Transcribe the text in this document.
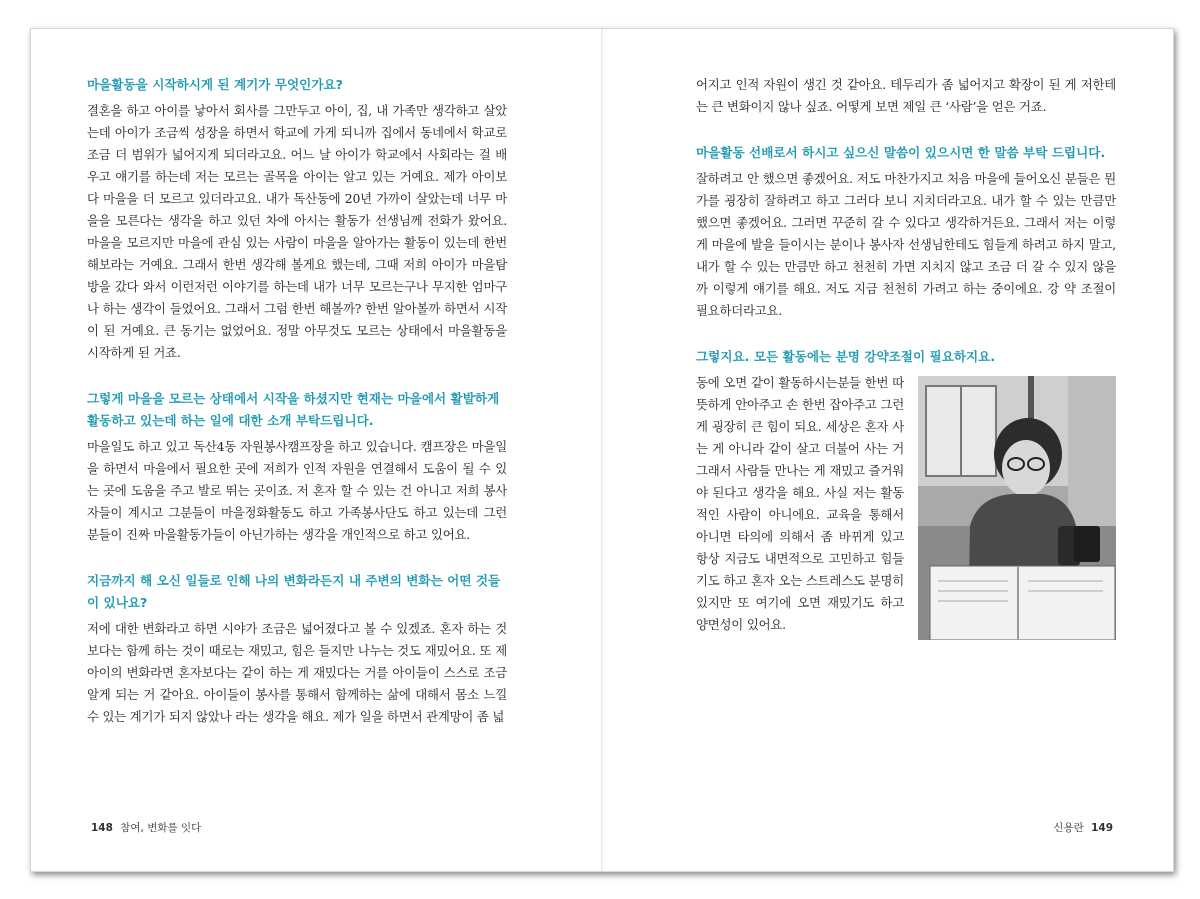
마을활동을 시작하시게 된 계기가 무엇인가요?

결혼을 하고 아이를 낳아서 회사를 그만두고 아이, 집, 내 가족만 생각하고 살았는데 아이가 조금씩 성장을 하면서 학교에 가게 되니까 집에서 동네에서 학교로 조금 더 범위가 넓어지게 되더라고요. 어느 날 아이가 학교에서 사회라는 걸 배우고 얘기를 하는데 저는 모르는 골목을 아이는 알고 있는 거예요. 제가 아이보다 마을을 더 모르고 있더라고요. 내가 독산동에 20년 가까이 살았는데 너무 마을을 모른다는 생각을 하고 있던 차에 아시는 활동가 선생님께 전화가 왔어요. 마을을 모르지만 마을에 관심 있는 사람이 마을을 알아가는 활동이 있는데 한번 해보라는 거예요. 그래서 한번 생각해 볼게요 했는데, 그때 저희 아이가 마을탐방을 갔다 와서 이런저런 이야기를 하는데 내가 너무 모르는구나 무지한 엄마구나 하는 생각이 들었어요. 그래서 그럼 한번 해볼까? 한번 알아볼까 하면서 시작이 된 거예요. 큰 동기는 없었어요. 정말 아무것도 모르는 상태에서 마을활동을 시작하게 된 거죠.

그렇게 마을을 모르는 상태에서 시작을 하셨지만 현재는 마을에서 활발하게 활동하고 있는데 하는 일에 대한 소개 부탁드립니다.

마을일도 하고 있고 독산4동 자원봉사캠프장을 하고 있습니다. 캠프장은 마을일을 하면서 마을에서 필요한 곳에 저희가 인적 자원을 연결해서 도움이 될 수 있는 곳에 도움을 주고 발로 뛰는 곳이죠. 저 혼자 할 수 있는 건 아니고 저희 봉사자들이 계시고 그분들이 마을정화활동도 하고 가족봉사단도 하고 있는데 그런 분들이 진짜 마을활동가들이 아닌가하는 생각을 개인적으로 하고 있어요.

지금까지 해 오신 일들로 인해 나의 변화라든지 내 주변의 변화는 어떤 것들이 있나요?

저에 대한 변화라고 하면 시야가 조금은 넓어졌다고 볼 수 있겠죠. 혼자 하는 것보다는 함께 하는 것이 때로는 재밌고, 힘은 들지만 나누는 것도 재밌어요. 또 제 아이의 변화라면 혼자보다는 같이 하는 게 재밌다는 거를 아이들이 스스로 조금 알게 되는 거 같아요. 아이들이 봉사를 통해서 함께하는 삶에 대해서 몸소 느낄 수 있는 계기가 되지 않았나 라는 생각을 해요. 제가 일을 하면서 관계망이 좀 넓

어지고 인적 자원이 생긴 것 같아요. 테두리가 좀 넓어지고 확장이 된 게 저한테는 큰 변화이지 않나 싶죠. 어떻게 보면 제일 큰 ‘사람’을 얻은 거죠.

마을활동 선배로서 하시고 싶으신 말씀이 있으시면 한 말씀 부탁 드립니다.

잘하려고 안 했으면 좋겠어요. 저도 마찬가지고 처음 마을에 들어오신 분들은 뭔가를 굉장히 잘하려고 하고 그러다 보니 지치더라고요. 내가 할 수 있는 만큼만 했으면 좋겠어요. 그러면 꾸준히 갈 수 있다고 생각하거든요. 그래서 저는 이렇게 마을에 발을 들이시는 분이나 봉사자 선생님한테도 힘들게 하려고 하지 말고, 내가 할 수 있는 만큼만 하고 천천히 가면 지치지 않고 조금 더 갈 수 있지 않을까 이렇게 얘기를 해요. 저도 지금 천천히 가려고 하는 중이에요. 강 약 조절이 필요하더라고요.

그렇지요. 모든 활동에는 분명 강약조절이 필요하지요.

동에 오면 같이 활동하시는분들 한번 따뜻하게 안아주고 손 한번 잡아주고 그런 게 굉장히 큰 힘이 되요. 세상은 혼자 사는 게 아니라 같이 살고 더불어 사는 거그래서 사람들 만나는 게 재밌고 즐거워야 된다고 생각을 해요. 사실 저는 활동적인 사람이 아니에요. 교육을 통해서 아니면 타의에 의해서 좀 바뀌게 있고 항상 지금도 내면적으로 고민하고 힘들기도 하고 혼자 오는 스트레스도 분명히 있지만 또 여기에 오면 재밌기도 하고 양면성이 있어요.

148 참여, 변화를 잇다	신용란 149
